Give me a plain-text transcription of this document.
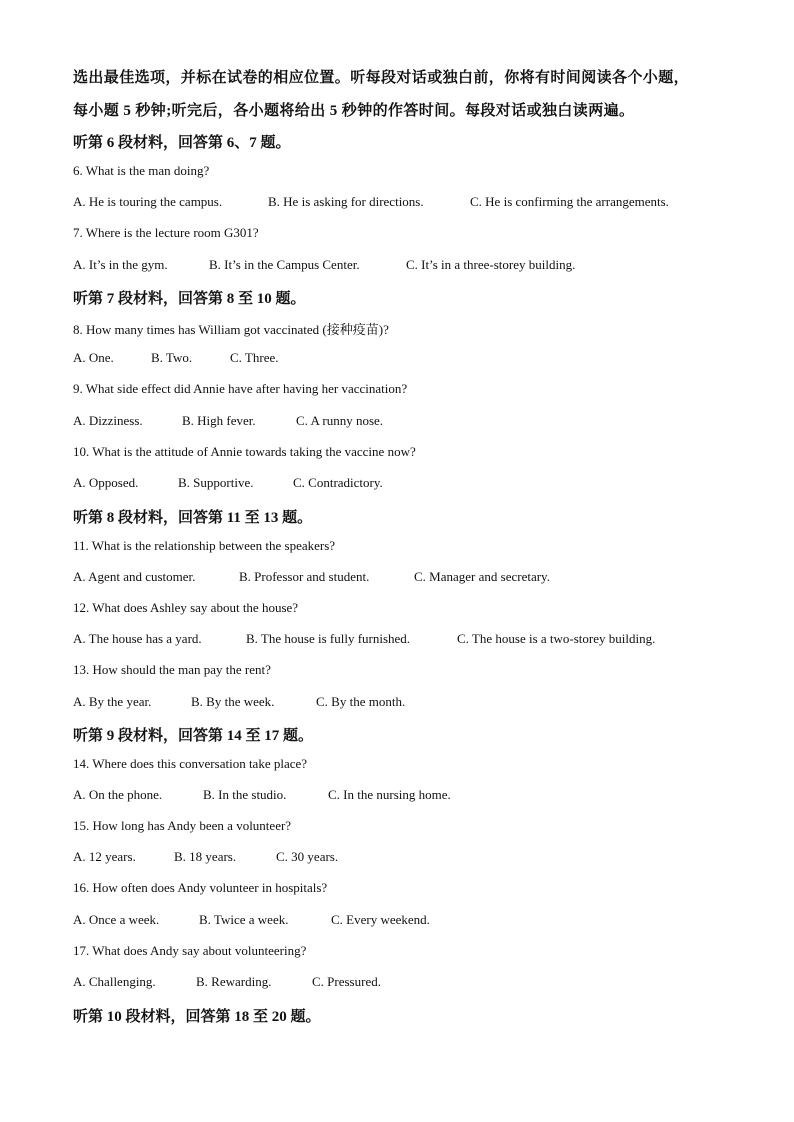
选出最佳选项，并标在试卷的相应位置。听每段对话或独白前，你将有时间阅读各个小题，
每小题 5 秒钟;听完后，各小题将给出 5 秒钟的作答时间。每段对话或独白读两遍。
听第 6 段材料，回答第 6、7 题。
6. What is the man doing?
A. He is touring the campus.	B. He is asking for directions.	C. He is confirming the arrangements.
7. Where is the lecture room G301?
A. It’s in the gym.	B. It’s in the Campus Center.	C. It’s in a three-storey building.
听第 7 段材料，回答第 8 至 10 题。
8. How many times has William got vaccinated (接种疫苗)?
A. One.	B. Two.	C. Three.
9. What side effect did Annie have after having her vaccination?
A. Dizziness.	B. High fever.	C. A runny nose.
10. What is the attitude of Annie towards taking the vaccine now?
A. Opposed.	B. Supportive.	C. Contradictory.
听第 8 段材料，回答第 11 至 13 题。
11. What is the relationship between the speakers?
A. Agent and customer.	B. Professor and student.	C. Manager and secretary.
12. What does Ashley say about the house?
A. The house has a yard.	B. The house is fully furnished.	C. The house is a two-storey building.
13. How should the man pay the rent?
A. By the year.	B. By the week.	C. By the month.
听第 9 段材料，回答第 14 至 17 题。
14. Where does this conversation take place?
A. On the phone.	B. In the studio.	C. In the nursing home.
15. How long has Andy been a volunteer?
A. 12 years.	B. 18 years.	C. 30 years.
16. How often does Andy volunteer in hospitals?
A. Once a week.	B. Twice a week.	C. Every weekend.
17. What does Andy say about volunteering?
A. Challenging.	B. Rewarding.	C. Pressured.
听第 10 段材料，回答第 18 至 20 题。
